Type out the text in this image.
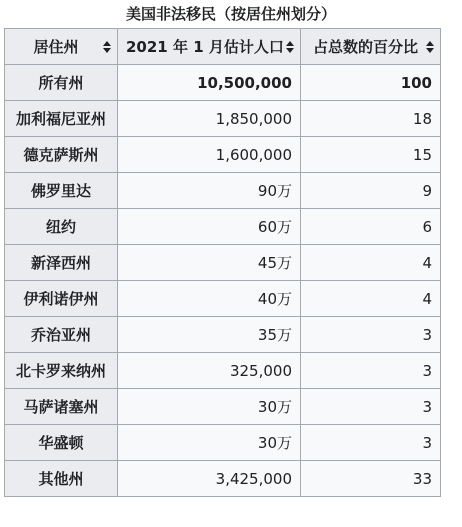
美国非法移民（按居住州划分）
居住州	2021 年 1 月估计人口	占总数的百分比

所有州	10,500,000	100
加利福尼亚州	1,850,000	18
德克萨斯州	1,600,000	15
佛罗里达	90万	9
纽约	60万	6
新泽西州	45万	4
伊利诺伊州	40万	4
乔治亚州	35万	3
北卡罗来纳州	325,000	3
马萨诸塞州	30万	3
华盛顿	30万	3
其他州	3,425,000	33
